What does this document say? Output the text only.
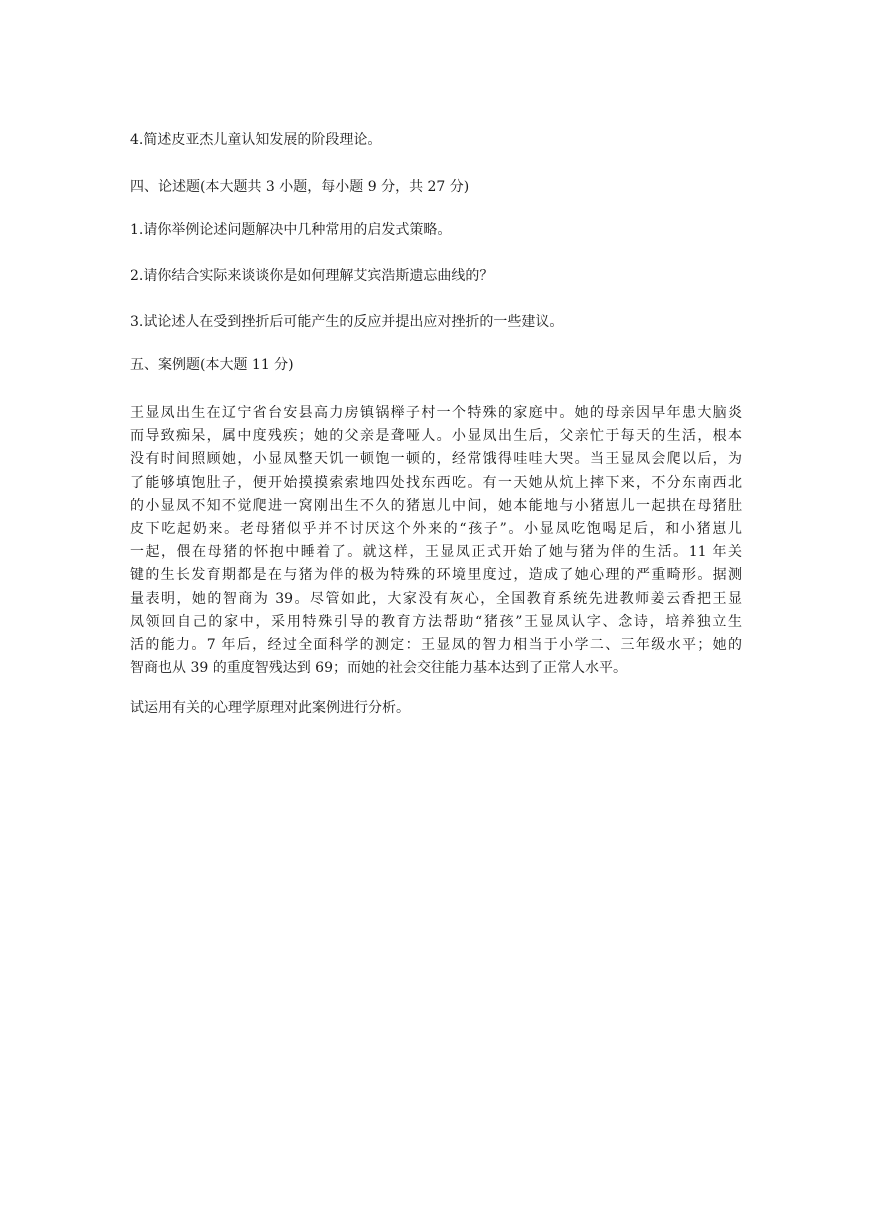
4.简述皮亚杰儿童认知发展的阶段理论。
四、论述题(本大题共 3 小题，每小题 9 分，共 27 分)
1.请你举例论述问题解决中几种常用的启发式策略。
2.请你结合实际来谈谈你是如何理解艾宾浩斯遗忘曲线的？
3.试论述人在受到挫折后可能产生的反应并提出应对挫折的一些建议。
五、案例题(本大题 11 分)
王显凤出生在辽宁省台安县高力房镇锅榉子村一个特殊的家庭中。她的母亲因早年患大脑炎
而导致痴呆，属中度残疾；她的父亲是聋哑人。小显凤出生后，父亲忙于每天的生活，根本
没有时间照顾她，小显凤整天饥一顿饱一顿的，经常饿得哇哇大哭。当王显凤会爬以后，为
了能够填饱肚子，便开始摸摸索索地四处找东西吃。有一天她从炕上摔下来，不分东南西北
的小显凤不知不觉爬进一窝刚出生不久的猪崽儿中间，她本能地与小猪崽儿一起拱在母猪肚
皮下吃起奶来。老母猪似乎并不讨厌这个外来的“孩子”。小显凤吃饱喝足后，和小猪崽儿
一起，偎在母猪的怀抱中睡着了。就这样，王显凤正式开始了她与猪为伴的生活。11 年关
键的生长发育期都是在与猪为伴的极为特殊的环境里度过，造成了她心理的严重畸形。据测
量表明，她的智商为 39。尽管如此，大家没有灰心，全国教育系统先进教师姜云香把王显
凤领回自己的家中，采用特殊引导的教育方法帮助“猪孩”王显凤认字、念诗，培养独立生
活的能力。7 年后，经过全面科学的测定：王显凤的智力相当于小学二、三年级水平；她的
智商也从 39 的重度智残达到 69；而她的社会交往能力基本达到了正常人水平。
试运用有关的心理学原理对此案例进行分析。
